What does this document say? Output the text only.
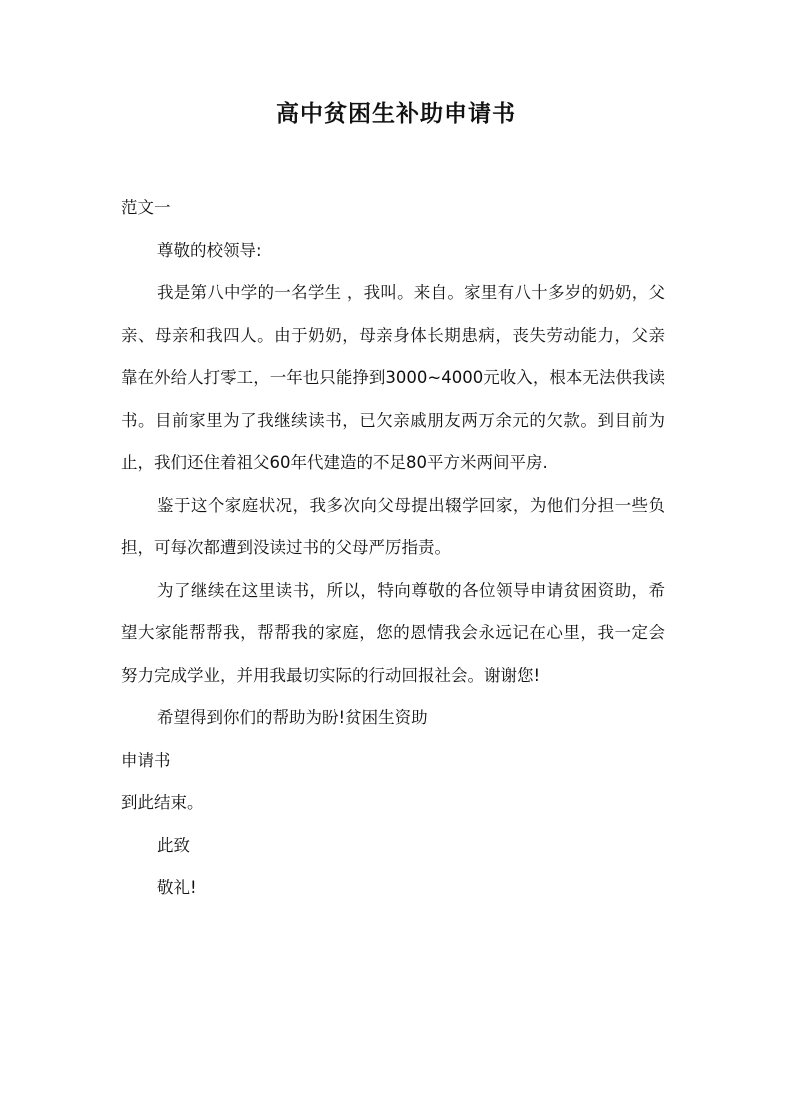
高中贫困生补助申请书

范文一

尊敬的校领导:

我是第八中学的一名学生 ，我叫。来自。家里有八十多岁的奶奶，父亲、母亲和我四人。由于奶奶，母亲身体长期患病，丧失劳动能力，父亲靠在外给人打零工，一年也只能挣到3000~4000元收入，根本无法供我读书。目前家里为了我继续读书，已欠亲戚朋友两万余元的欠款。到目前为止，我们还住着祖父60年代建造的不足80平方米两间平房.

鉴于这个家庭状况，我多次向父母提出辍学回家，为他们分担一些负担，可每次都遭到没读过书的父母严厉指责。

为了继续在这里读书，所以，特向尊敬的各位领导申请贫困资助，希望大家能帮帮我，帮帮我的家庭，您的恩情我会永远记在心里，我一定会努力完成学业，并用我最切实际的行动回报社会。谢谢您!

希望得到你们的帮助为盼!贫困生资助

申请书

到此结束。

此致

敬礼!
